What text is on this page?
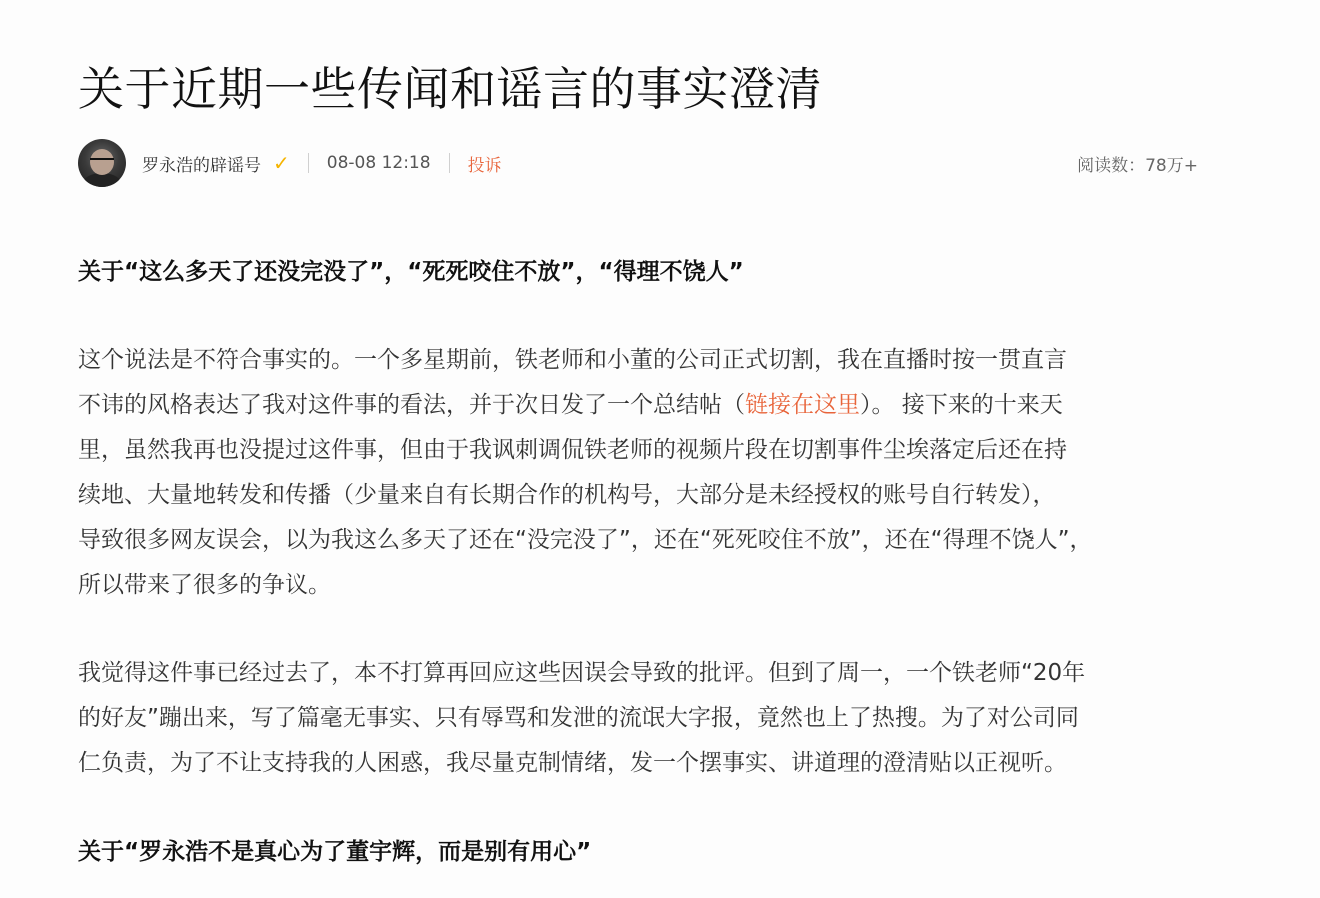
关于近期一些传闻和谣言的事实澄清
罗永浩的辟谣号 ✓ 08-08 12:18 投诉	阅读数：78万+
关于“这么多天了还没完没了”，“死死咬住不放”，“得理不饶人”

这个说法是不符合事实的。一个多星期前，铁老师和小董的公司正式切割，我在直播时按一贯直言
不讳的风格表达了我对这件事的看法，并于次日发了一个总结帖（链接在这里）。 接下来的十来天
里，虽然我再也没提过这件事，但由于我讽刺调侃铁老师的视频片段在切割事件尘埃落定后还在持
续地、大量地转发和传播（少量来自有长期合作的机构号，大部分是未经授权的账号自行转发），
导致很多网友误会，以为我这么多天了还在“没完没了”，还在“死死咬住不放”，还在“得理不饶人”，
所以带来了很多的争议。

我觉得这件事已经过去了，本不打算再回应这些因误会导致的批评。但到了周一，一个铁老师“20年
的好友”蹦出来，写了篇毫无事实、只有辱骂和发泄的流氓大字报，竟然也上了热搜。为了对公司同
仁负责，为了不让支持我的人困惑，我尽量克制情绪，发一个摆事实、讲道理的澄清贴以正视听。

关于“罗永浩不是真心为了董宇辉，而是别有用心”
